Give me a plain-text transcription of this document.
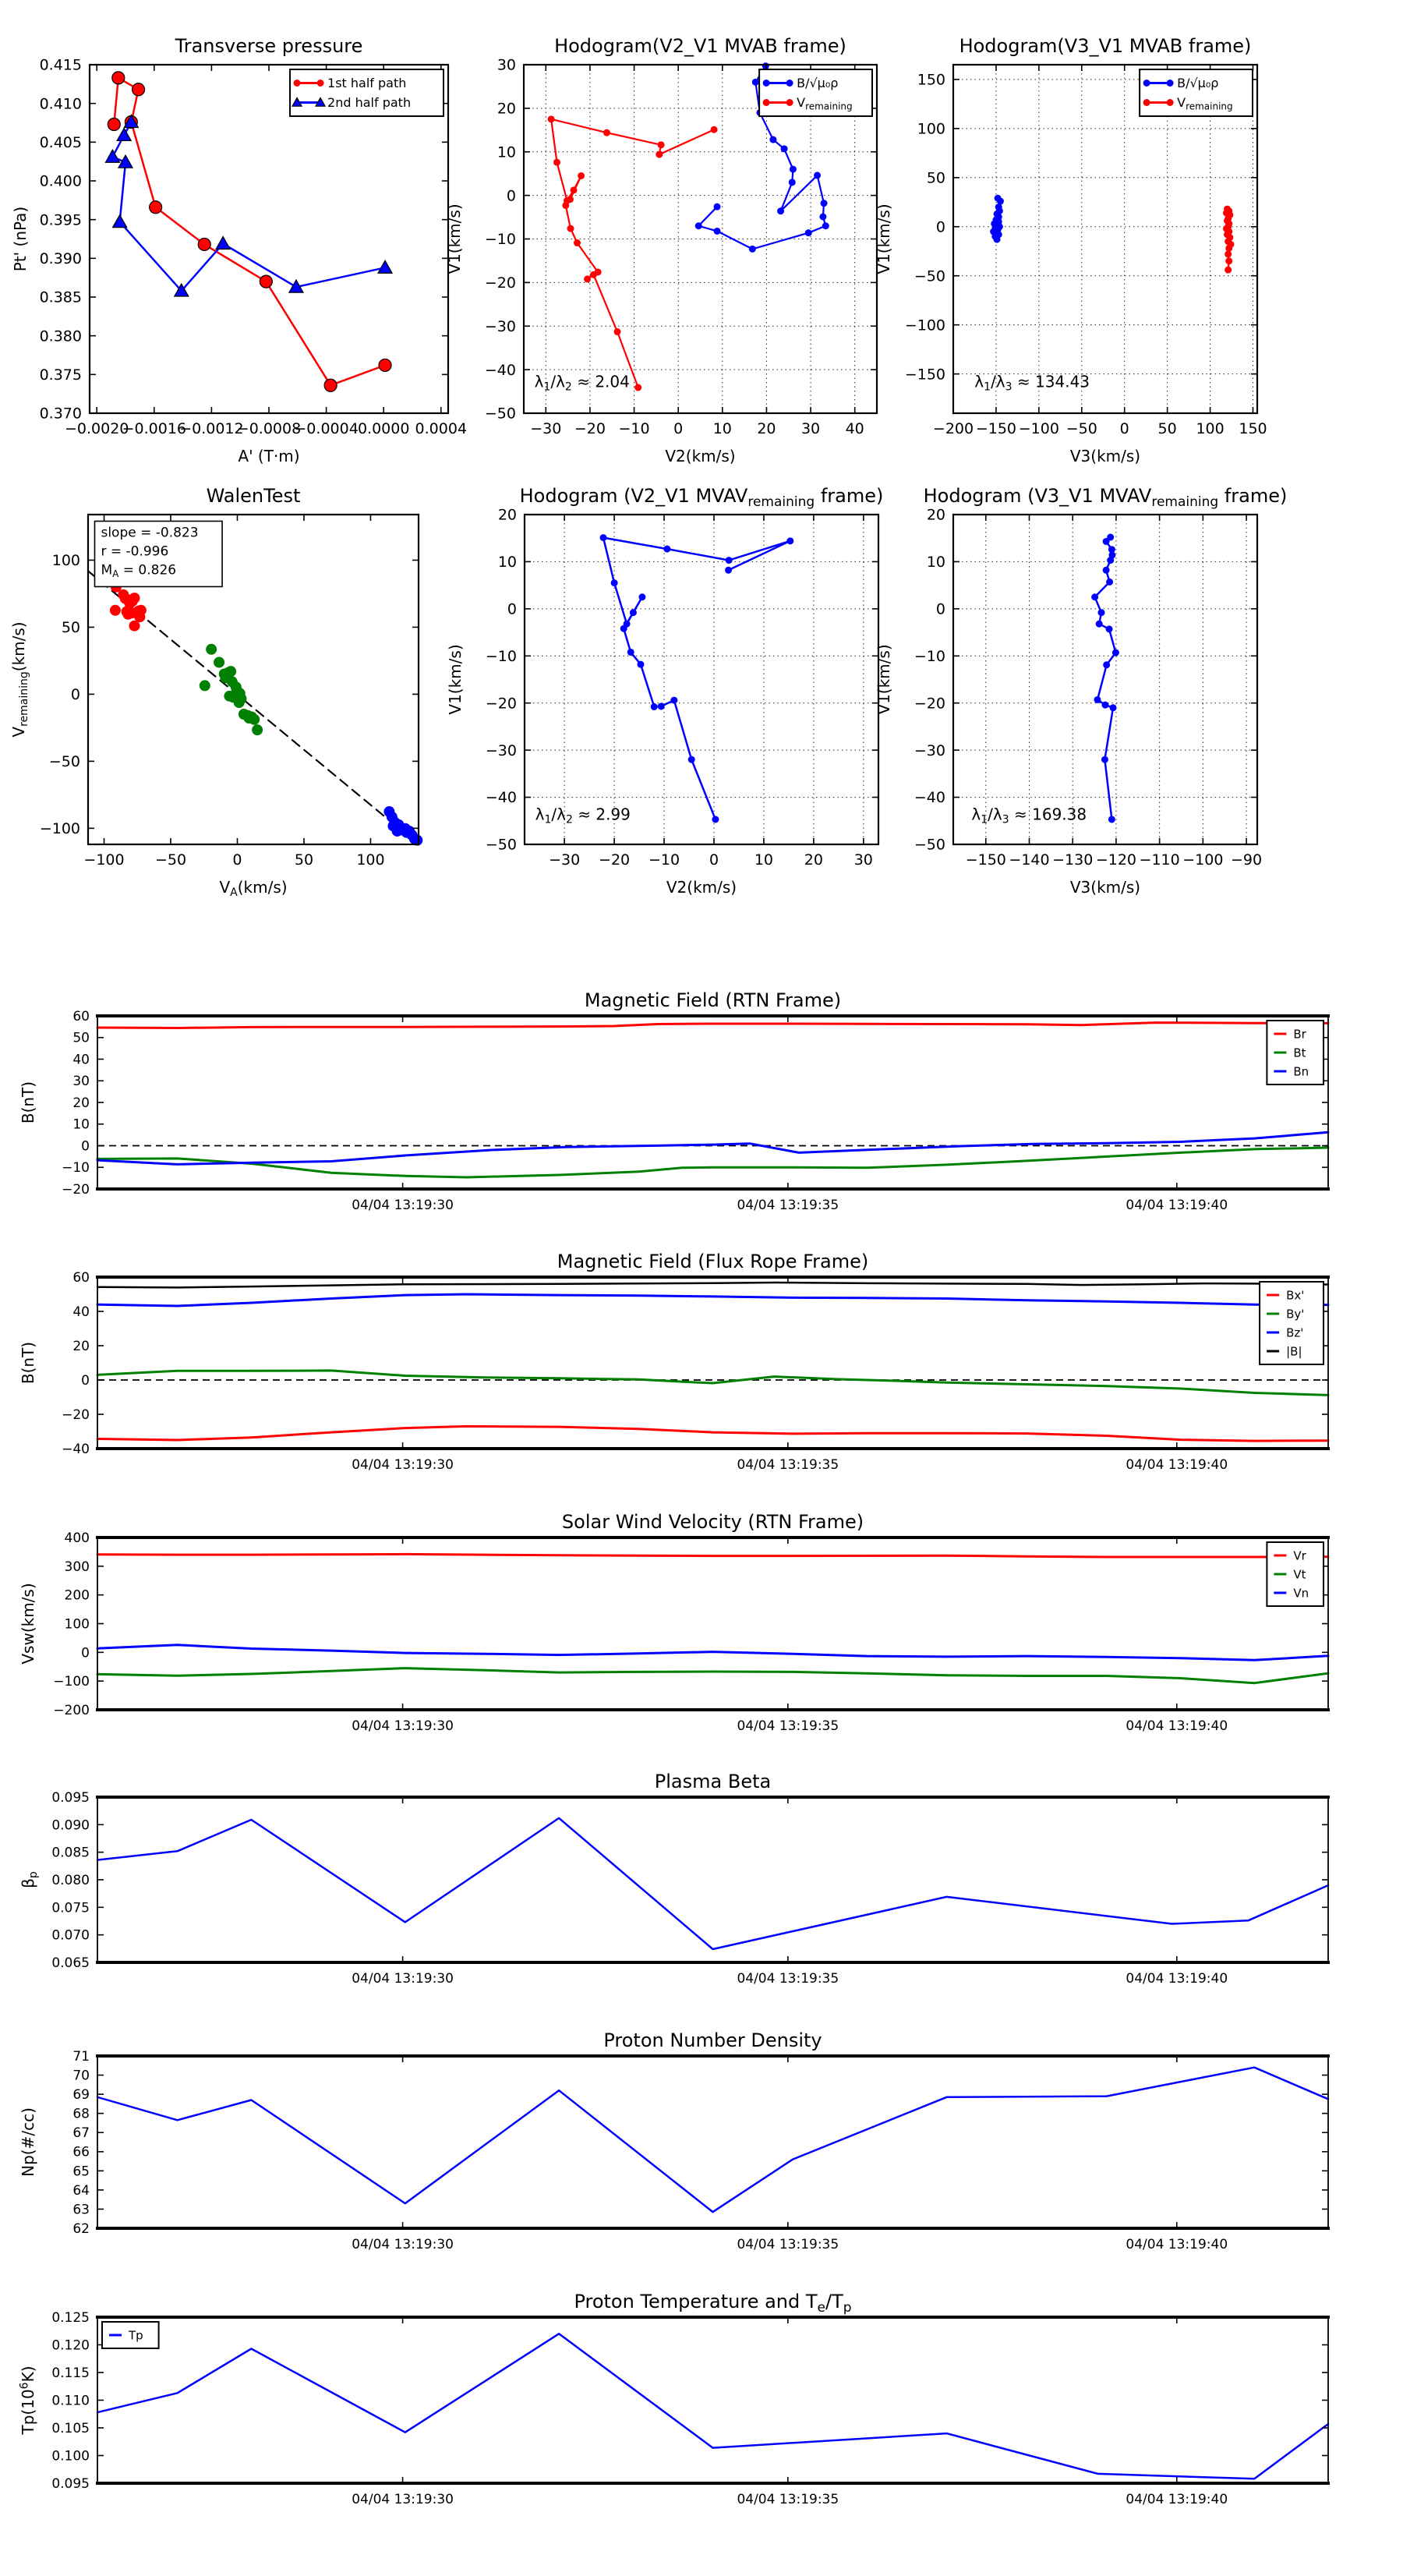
−0.0020
−0.0016
−0.0012
−0.0008
−0.0004 0.0000 0.0004
0.370
0.375
0.380
0.385
0.390
0.395
0.400
0.405
0.410
0.415
Transverse pressure
A' (T·m)
Pt' (nPa)
1st half path
2nd half path
−30 −20 −10 0 10 20 30 40
−50
−40
−30
−20
−10
0
10
20
30
Hodogram(V2_V1 MVAB frame)
V2(km/s)
V1(km/s)
$\lambda_1/\lambda_2 \approx 2.04$
B/√μ₀ρ
$V_{remaining}$
−200 −150 −100 −50 0 50 100 150
−150
−100
−50
0
50
100
150
Hodogram(V3_V1 MVAB frame)
V3(km/s)
V1(km/s)
$\lambda_1/\lambda_3 \approx 134.43$
B/√μ₀ρ
$V_{remaining}$
−100 −50	0	50	100
−100
−50
0
50
100
WalenTest
$V_A(km/s)$
$V_{remaining}(km/s)$
slope = -0.823
r = -0.996
MA = 0.826
−30 −20 −10 0 10 20 30
−50
−40
−30
−20
−10
0
10
20
Hodogram (V2_V1 MVAVremaining frame)
V2(km/s)
V1(km/s)
$\lambda_1/\lambda_2 \approx 2.99$
−150 −140 −130 −120 −110 −100 −90
−50
−40
−30
−20
−10
0
10
20
Hodogram (V3_V1 MVAVremaining frame)
V3(km/s)
V1(km/s)
$\lambda_1/\lambda_3 \approx 169.38$
04/04 13:19:30	04/04 13:19:35	04/04 13:19:40
−20
−10
0
10
20
30
40
50
60
Magnetic Field (RTN Frame)
B(nT)
Br
Bt
Bn
04/04 13:19:30	04/04 13:19:35	04/04 13:19:40
−40
−20
0
20
40
60
Magnetic Field (Flux Rope Frame)
B(nT)
Bx'
By'
Bz'
|B|
04/04 13:19:30	04/04 13:19:35	04/04 13:19:40
−200
−100
0
100
200
300
400
Solar Wind Velocity (RTN Frame)
Vsw(km/s)
Vr
Vt
Vn
04/04 13:19:30	04/04 13:19:35	04/04 13:19:40
0.065
0.070
0.075
0.080
0.085
0.090
0.095
Plasma Beta
$\beta_p$
04/04 13:19:30	04/04 13:19:35	04/04 13:19:40
62
63
64
65
66
67
68
69
70
71
Proton Number Density
Np(#/cc)
04/04 13:19:30	04/04 13:19:35	04/04 13:19:40
0.095
0.100
0.105
0.110
0.115
0.120
0.125
Proton Temperature and Te/Tp
$Tp(10^6K)$
Tp
